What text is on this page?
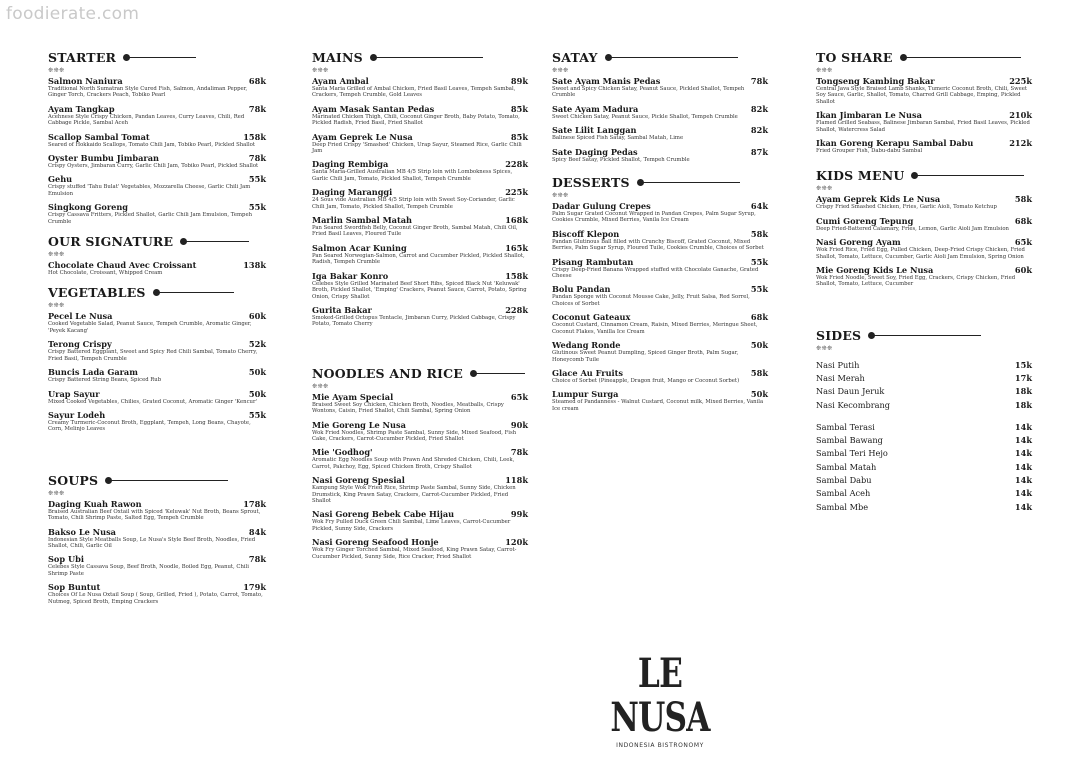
foodierate.com
STARTER
❊❊❊
Salmon Naniura	68k
Traditional North Sumatran Style Cured Fish, Salmon, Andaliman Pepper, Ginger Torch, Crackers Peach, Tobiko Pearl
Ayam Tangkap	78k
Acehnese Style Crispy Chicken, Pandan Leaves, Curry Leaves, Chili, Red Cabbage Pickle, Sambal Aceh
Scallop Sambal Tomat	158k
Seared of Hokkaido Scallops, Tomato Chili Jam, Tobiko Pearl, Pickled Shallot
Oyster Bumbu Jimbaran	78k
Crispy Oysters, Jimbaran Curry, Garlic Chili Jam, Tobiko Pearl, Pickled Shallot
Gehu	55k
Crispy stuffed 'Tahu Bulat' Vegetables, Mozzarella Cheese, Garlic Chili Jam Emulsion
Singkong Goreng	55k
Crispy Cassava Fritters, Pickled Shallot, Garlic Chili Jam Emulsion, Tempeh Crumble
OUR SIGNATURE
❊❊❊
Chocolate Chaud Avec Croissant	138k
Hot Chocolate, Croissant, Whipped Cream
VEGETABLES
❊❊❊
Pecel Le Nusa	60k
Cooked Vegetable Salad, Peanut Sauce, Tempeh Crumble, Aromatic Ginger, 'Peyek Kacang'
Terong Crispy	52k
Crispy Battered Eggplant, Sweet and Spicy Red Chili Sambal, Tomato Cherry, Fried Basil, Tempeh Crumble
Buncis Lada Garam	50k
Crispy Battered String Beans, Spiced Rub
Urap Sayur	50k
Mixed Cooked Vegetables, Chilies, Grated Coconut, Aromatic Ginger 'Kencur'
Sayur Lodeh	55k
Creamy Turmeric-Coconut Broth, Eggplant, Tempeh, Long Beans, Chayote, Corn, Melinjo Leaves
SOUPS
❊❊❊
Daging Kuah Rawon	178k
Braised Australian Beef Oxtail with Spiced 'Keluwak' Nut Broth, Beans Sprout, Tomato, Chili Shrimp Paste, Salted Egg, Tempeh Crumble
Bakso Le Nusa	84k
Indonesian Style Meatballs Soup, Le Nusa's Style Beef Broth, Noodles, Fried Shallot, Chili, Garlic Oil
Sop Ubi	78k
Celebes Style Cassava Soup, Beef Broth, Noodle, Boiled Egg, Peanut, Chili Shrimp Paste
Sop Buntut	179k
Choices Of Le Nusa Oxtail Soup ( Soup, Grilled, Fried ), Potato, Carrot, Tomato, Nutmeg, Spiced Broth, Emping Crackers
MAINS
❊❊❊
Ayam Ambal	89k
Santa Maria Grilled of Ambal Chicken, Fried Basil Leaves, Tempeh Sambal, Crackers, Tempeh Crumble, Gold Leaves
Ayam Masak Santan Pedas	85k
Marinated Chicken Thigh, Chili, Coconut Ginger Broth, Baby Potato, Tomato, Pickled Radish, Fried Basil, Fried Shallot
Ayam Geprek Le Nusa	85k
Deep Fried Crispy 'Smashed' Chicken, Urap Sayur, Steamed Rice, Garlic Chili Jam
Daging Rembiga	228k
Santa Maria-Grilled Australian MB 4/5 Strip loin with Lombokness Spices, Garlic Chili Jam, Tomato, Pickled Shallot, Tempeh Crumble
Daging Maranggi	225k
24 Sous vide Australian MB 4/5 Strip loin with Sweet Soy-Coriander, Garlic Chili Jam, Tomato, Pickled Shallot, Tempeh Crumble
Marlin Sambal Matah	168k
Pan Seared Swordfish Belly, Coconut Ginger Broth, Sambal Matah, Chili Oil, Fried Basil Leaves, Floured Tuile
Salmon Acar Kuning	165k
Pan Seared Norwegian-Salmon, Carrot and Cucumber Pickled, Pickled Shallot, Radish, Tempeh Crumble
Iga Bakar Konro	158k
Celebes Style Grilled Marinated Beef Short Ribs, Spiced Black Nut 'Keluwak' Broth, Pickled Shallot, 'Emping' Crackers, Peanut Sauce, Carrot, Potato, Spring Onion, Crispy Shallot
Gurita Bakar	228k
Smoked-Grilled Octopus Tentacle, Jimbaran Curry, Pickled Cabbage, Crispy Potato, Tomato Cherry
NOODLES AND RICE
❊❊❊
Mie Ayam Special	65k
Braised Sweet Soy Chicken, Chicken Broth, Noodles, Meatballs, Crispy Wontons, Caisin, Fried Shallot, Chili Sambal, Spring Onion
Mie Goreng Le Nusa	90k
Wok Fried Noodles, Shrimp Paste Sambal, Sunny Side, Mixed Seafood, Fish Cake, Crackers, Carrot-Cucumber Pickled, Fried Shallot
Mie 'Godhog'	78k
Aromatic Egg Noodles Soup with Prawn And Shreded Chicken, Chili, Leek, Carrot, Pakchoy, Egg, Spiced Chicken Broth, Crispy Shallot
Nasi Goreng Spesial	118k
Kampung Style Wok Fried Rice, Shrimp Paste Sambal, Sunny Side, Chicken Drumstick, King Prawn Satay, Crackers, Carrot-Cucumber Pickled, Fried Shallot
Nasi Goreng Bebek Cabe Hijau	99k
Wok Fry Pulled Duck Green Chili Sambal, Lime Leaves, Carrot-Cucumber Pickled, Sunny Side, Crackers
Nasi Goreng Seafood Honje	120k
Wok Fry Ginger Torched Sambal, Mixed Seafood, King Prawn Satay, Carrot-Cucumber Pickled, Sunny Side, Rice Cracker, Fried Shallot
SATAY
❊❊❊
Sate Ayam Manis Pedas	78k
Sweet and Spicy Chicken Satay, Peanut Sauce, Pickled Shallot, Tempeh Crumble
Sate Ayam Madura	82k
Sweet Chicken Satay, Peanut Sauce, Pickle Shallot, Tempeh Crumble
Sate Lilit Langgan	82k
Balinese Spiced Fish Satay, Sambal Matah, Lime
Sate Daging Pedas	87k
Spicy Beef Satay, Pickled Shallot, Tempeh Crumble
DESSERTS
❊❊❊
Dadar Gulung Crepes	64k
Palm Sugar Grated Coconut Wrapped in Pandan Crepes, Palm Sugar Syrup, Cookies Crumble, Mixed Berries, Vanila Ice Cream
Biscoff Klepon	58k
Pandan Glutinous Ball filled with Crunchy Biscoff, Grated Coconut, Mixed Berries, Palm Sugar Syrup, Floured Tuile, Cookies Crumble, Choices of Sorbet
Pisang Rambutan	55k
Crispy Deep-Fried Banana Wrapped stuffed with Chocolate Ganache, Grated Cheese
Bolu Pandan	55k
Pandan Sponge with Coconut Mousse Cake, Jelly, Fruit Salsa, Red Sorrel, Choices of Sorbet
Coconut Gateaux	68k
Coconut Custard, Cinnamon Cream, Raisin, Mixed Berries, Meringue Sheet, Coconut Flakes, Vanilla Ice Cream
Wedang Ronde	50k
Glutinous Sweet Peanut Dumpling, Spiced Ginger Broth, Palm Sugar, Honeycomb Tuile
Glace Au Fruits	58k
Choice of Sorbet (Pineapple, Dragon fruit, Mango or Coconut Sorbet)
Lumpur Surga	50k
Steamed of Pandanness - Walnut Custard, Coconut milk, Mixed Berries, Vanila Ice cream
TO SHARE
❊❊❊
Tongseng Kambing Bakar	225k
Central Java Style Braised Lamb Shanks, Tumeric Coconut Broth, Chili, Sweet Soy Sauce, Garlic, Shallot, Tomato, Charred Grill Cabbage, Emping, Pickled Shallot
Ikan Jimbaran Le Nusa	210k
Flamed Grilled Seabass, Balinese Jimbaran Sambal, Fried Basil Leaves, Pickled Shallot, Watercress Salad
Ikan Goreng Kerapu Sambal Dabu	212k
Fried Grouper Fish, Dabu-dabu Sambal
KIDS MENU
❊❊❊
Ayam Geprek Kids Le Nusa	58k
Crispy Fried Smashed Chicken, Fries, Garlic Aioli, Tomato Ketchup
Cumi Goreng Tepung	68k
Deep Fried-Battered Calamary, Fries, Lemon, Garlic Aioli Jam Emulsion
Nasi Goreng Ayam	65k
Wok Fried Rice, Fried Egg, Pulled Chicken, Deep-Fried Crispy Chicken, Fried Shallot, Tomato, Lettuce, Cucumber, Garlic Aioli Jam Emulsion, Spring Onion
Mie Goreng Kids Le Nusa	60k
Wok Fried Noodle, Sweet Soy, Fried Egg, Crackers, Crispy Chicken, Fried Shallot, Tomato, Lettuce, Cucumber
SIDES
❊❊❊
Nasi Putih	15k
Nasi Merah	17k
Nasi Daun Jeruk	18k
Nasi Kecombrang	18k
Sambal Terasi	14k
Sambal Bawang	14k
Sambal Teri Hejo	14k
Sambal Matah	14k
Sambal Dabu	14k
Sambal Aceh	14k
Sambal Mbe	14k
LE NUSA
INDONESIA BISTRONOMY
